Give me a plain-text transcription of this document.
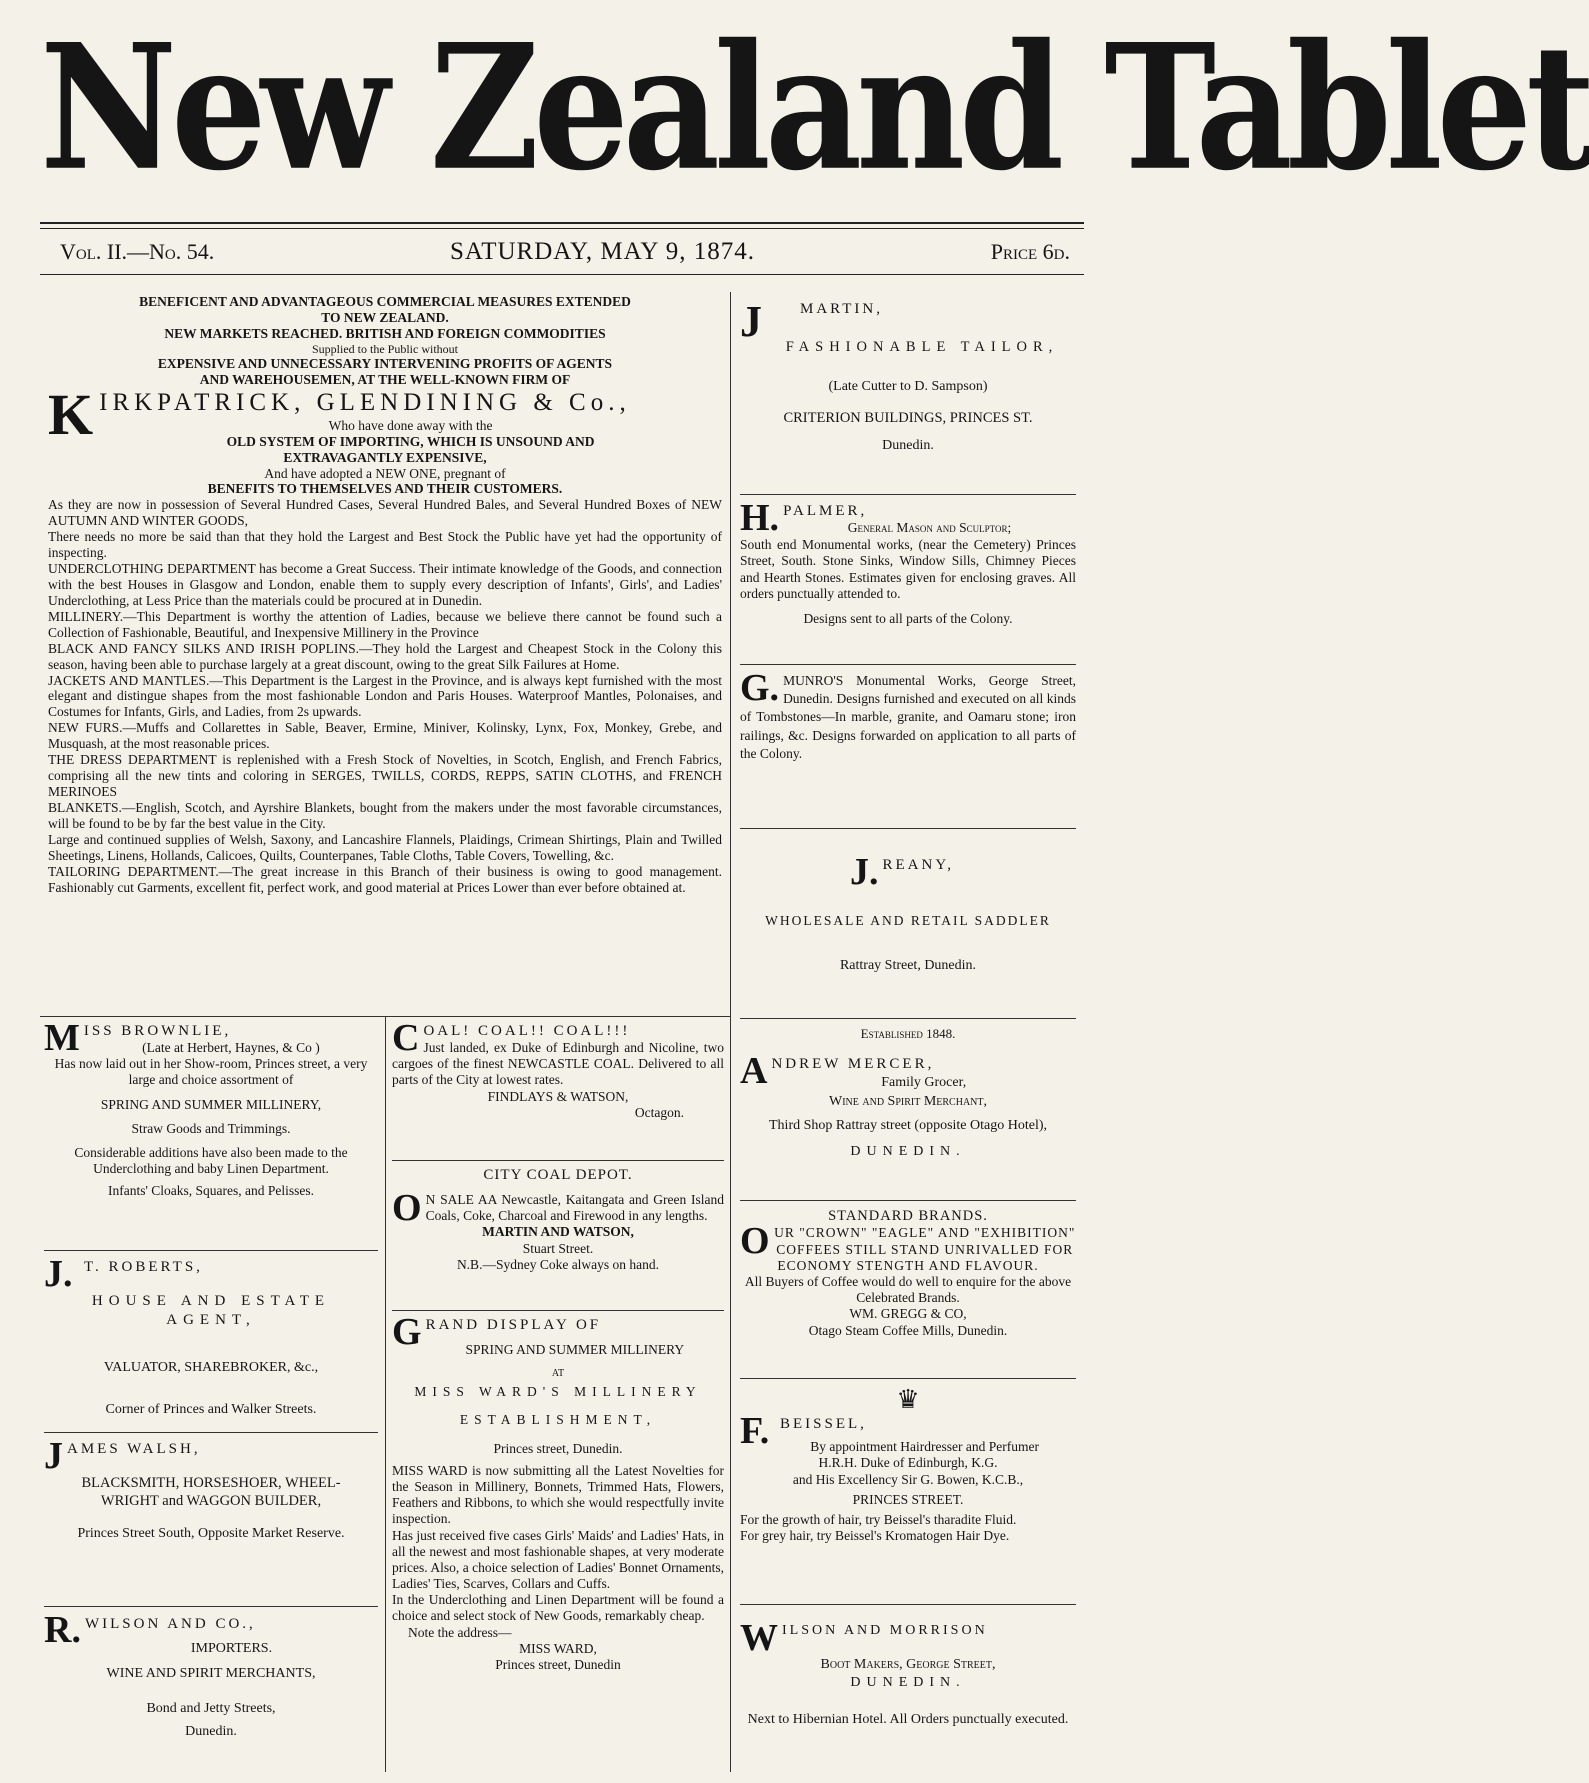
New Zealand Tablet
Vol. II.—No. 54.	SATURDAY, MAY 9, 1874.	Price 6d.

BENEFICENT AND ADVANTAGEOUS COMMERCIAL MEASURES EXTENDED

TO NEW ZEALAND.

NEW MARKETS REACHED. BRITISH AND FOREIGN COMMODITIES

Supplied to the Public without

EXPENSIVE AND UNNECESSARY INTERVENING PROFITS OF AGENTS

AND WAREHOUSEMEN, AT THE WELL-KNOWN FIRM OF

K IRKPATRICK, GLENDINING & Co.,

Who have done away with the

OLD SYSTEM OF IMPORTING, WHICH IS UNSOUND AND

EXTRAVAGANTLY EXPENSIVE,

And have adopted a NEW ONE, pregnant of

BENEFITS TO THEMSELVES AND THEIR CUSTOMERS.

As they are now in possession of Several Hundred Cases, Several Hundred Bales, and Several Hundred Boxes of NEW AUTUMN AND WINTER GOODS,

There needs no more be said than that they hold the Largest and Best Stock the Public have yet had the opportunity of inspecting.

UNDERCLOTHING DEPARTMENT has become a Great Success. Their intimate knowledge of the Goods, and connection with the best Houses in Glasgow and London, enable them to supply every description of Infants', Girls', and Ladies' Underclothing, at Less Price than the materials could be procured at in Dunedin.

MILLINERY.—This Department is worthy the attention of Ladies, because we believe there cannot be found such a Collection of Fashionable, Beautiful, and Inexpensive Millinery in the Province

BLACK AND FANCY SILKS AND IRISH POPLINS.—They hold the Largest and Cheapest Stock in the Colony this season, having been able to purchase largely at a great discount, owing to the great Silk Failures at Home.

JACKETS AND MANTLES.—This Department is the Largest in the Province, and is always kept furnished with the most elegant and distingue shapes from the most fashionable London and Paris Houses. Waterproof Mantles, Polonaises, and Costumes for Infants, Girls, and Ladies, from 2s upwards.

NEW FURS.—Muffs and Collarettes in Sable, Beaver, Ermine, Miniver, Kolinsky, Lynx, Fox, Monkey, Grebe, and Musquash, at the most reasonable prices.

THE DRESS DEPARTMENT is replenished with a Fresh Stock of Novelties, in Scotch, English, and French Fabrics, comprising all the new tints and coloring in SERGES, TWILLS, CORDS, REPPS, SATIN CLOTHS, and FRENCH MERINOES

BLANKETS.—English, Scotch, and Ayrshire Blankets, bought from the makers under the most favorable circumstances, will be found to be by far the best value in the City.

Large and continued supplies of Welsh, Saxony, and Lancashire Flannels, Plaidings, Crimean Shirtings, Plain and Twilled Sheetings, Linens, Hollands, Calicoes, Quilts, Counterpanes, Table Cloths, Table Covers, Towelling, &c.

TAILORING DEPARTMENT.—The great increase in this Branch of their business is owing to good management. Fashionably cut Garments, excellent fit, perfect work, and good material at Prices Lower than ever before obtained at.

M ISS BROWNLIE,

(Late at Herbert, Haynes, & Co )

Has now laid out in her Show-room, Princes street, a very large and choice assortment of

SPRING AND SUMMER MILLINERY,

Straw Goods and Trimmings.

Considerable additions have also been made to the Underclothing and baby Linen Department.

Infants' Cloaks, Squares, and Pelisses.

J. T. ROBERTS,

HOUSE AND ESTATE AGENT,

VALUATOR, SHAREBROKER, &c.,

Corner of Princes and Walker Streets.

J AMES WALSH,

BLACKSMITH, HORSESHOER, WHEEL-

WRIGHT and WAGGON BUILDER,

Princes Street South, Opposite Market Reserve.

R. WILSON AND CO.,

IMPORTERS.

WINE AND SPIRIT MERCHANTS,

Bond and Jetty Streets,

Dunedin.

C OAL! COAL!! COAL!!!

Just landed, ex Duke of Edinburgh and Nicoline, two cargoes of the finest NEWCASTLE COAL. Delivered to all parts of the City at lowest rates.

FINDLAYS & WATSON,

Octagon.

CITY COAL DEPOT.

O N SALE AA Newcastle, Kaitangata and Green Island Coals, Coke, Charcoal and Firewood in any lengths.

MARTIN AND WATSON,

Stuart Street.

N.B.—Sydney Coke always on hand.

G RAND DISPLAY OF

SPRING AND SUMMER MILLINERY

AT

MISS WARD'S MILLINERY

ESTABLISHMENT,

Princes street, Dunedin.

MISS WARD is now submitting all the Latest Novelties for the Season in Millinery, Bonnets, Trimmed Hats, Flowers, Feathers and Ribbons, to which she would respectfully invite inspection.

Has just received five cases Girls' Maids' and Ladies' Hats, in all the newest and most fashionable shapes, at very moderate prices. Also, a choice selection of Ladies' Bonnet Ornaments, Ladies' Ties, Scarves, Collars and Cuffs.

In the Underclothing and Linen Department will be found a choice and select stock of New Goods, remarkably cheap.

Note the address—

MISS WARD,

Princes street, Dunedin

J	MARTIN,

FASHIONABLE TAILOR,

(Late Cutter to D. Sampson)

CRITERION BUILDINGS, PRINCES ST.

Dunedin.

H. PALMER,

General Mason and Sculptor;

South end Monumental works, (near the Cemetery) Princes Street, South. Stone Sinks, Window Sills, Chimney Pieces and Hearth Stones. Estimates given for enclosing graves. All orders punctually attended to.

Designs sent to all parts of the Colony.

G. MUNRO'S Monumental Works, George Street, Dunedin. Designs furnished and executed on all kinds of Tombstones—In marble, granite, and Oamaru stone; iron railings, &c. Designs forwarded on application to all parts of the Colony.

J. REANY,

WHOLESALE AND RETAIL SADDLER

Rattray Street, Dunedin.

Established 1848.

A NDREW MERCER,

Family Grocer,

Wine and Spirit Merchant,

Third Shop Rattray street (opposite Otago Hotel),

DUNEDIN.

STANDARD BRANDS.

O UR "CROWN" "EAGLE" AND "EXHIBITION" COFFEES STILL STAND UNRIVALLED FOR ECONOMY STENGTH AND FLAVOUR.

All Buyers of Coffee would do well to enquire for the above Celebrated Brands.

WM. GREGG & CO,

Otago Steam Coffee Mills, Dunedin.

♛
F. BEISSEL,

By appointment Hairdresser and Perfumer

H.R.H. Duke of Edinburgh, K.G.

and His Excellency Sir G. Bowen, K.C.B.,

PRINCES STREET.

For the growth of hair, try Beissel's tharadite Fluid.

For grey hair, try Beissel's Kromatogen Hair Dye.

W ILSON AND MORRISON

Boot Makers, George Street,

DUNEDIN.

Next to Hibernian Hotel. All Orders punctually executed.
